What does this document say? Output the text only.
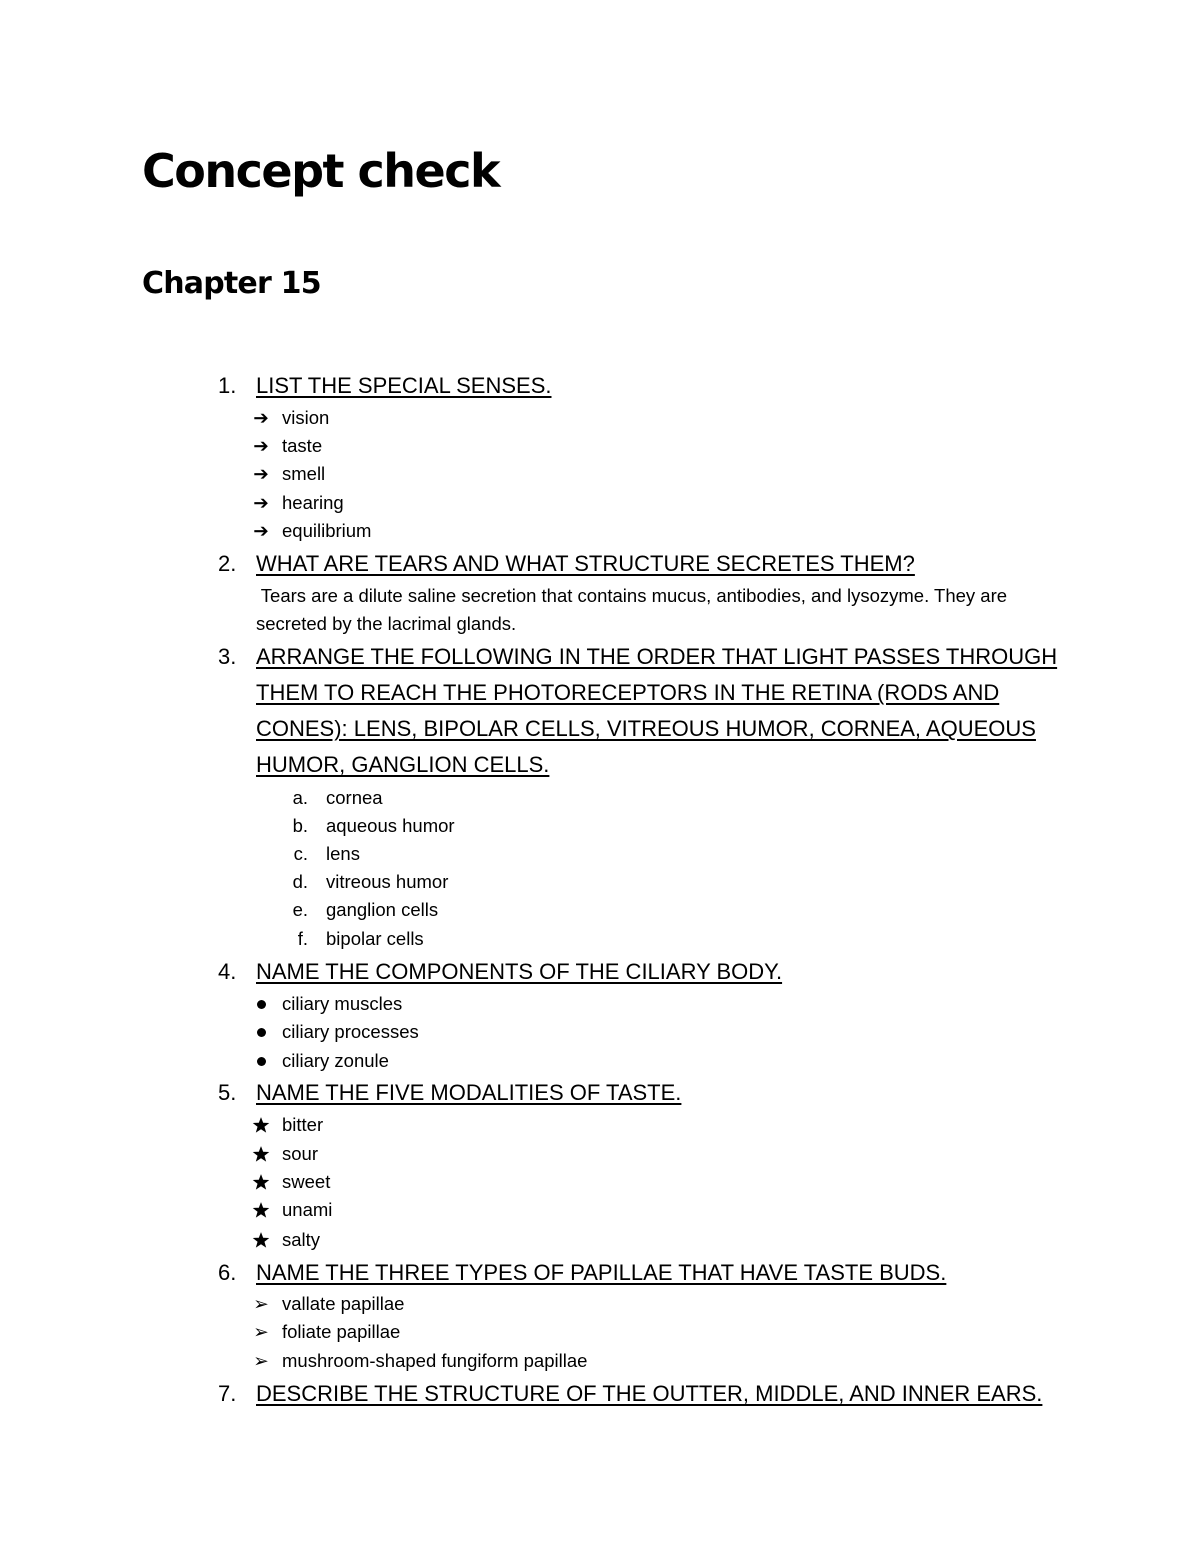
Concept check
Chapter 15
1. LIST THE SPECIAL SENSES.
➔ vision
➔ taste
➔ smell
➔ hearing
➔ equilibrium
2. WHAT ARE TEARS AND WHAT STRUCTURE SECRETES THEM?
Tears are a dilute saline secretion that contains mucus, antibodies, and lysozyme. They are
secreted by the lacrimal glands.
3. ARRANGE THE FOLLOWING IN THE ORDER THAT LIGHT PASSES THROUGH THEM TO REACH THE PHOTORECEPTORS IN THE RETINA (RODS AND CONES): LENS, BIPOLAR CELLS, VITREOUS HUMOR, CORNEA, AQUEOUS HUMOR, GANGLION CELLS.
a. cornea
b. aqueous humor
c. lens
d. vitreous humor
e. ganglion cells
f. bipolar cells
4. NAME THE COMPONENTS OF THE CILIARY BODY.
ciliary muscles
ciliary processes
ciliary zonule
5. NAME THE FIVE MODALITIES OF TASTE.
bitter
sour
sweet
unami
salty
6. NAME THE THREE TYPES OF PAPILLAE THAT HAVE TASTE BUDS.
➢ vallate papillae
➢ foliate papillae
➢ mushroom-shaped fungiform papillae
7. DESCRIBE THE STRUCTURE OF THE OUTTER, MIDDLE, AND INNER EARS.
